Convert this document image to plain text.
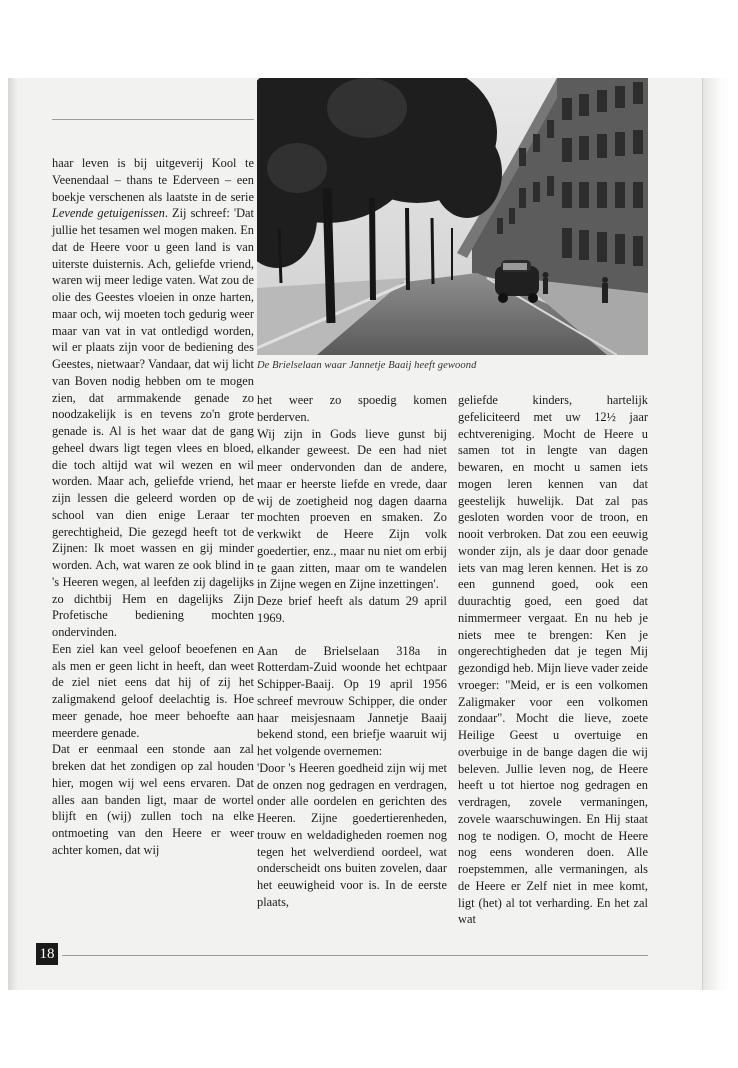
De Brielselaan waar Jannetje Baaij heeft gewoond

haar leven is bij uitgeverij Kool te Veenendaal – thans te Ederveen – een boekje verschenen als laatste in de serie Levende getuigenissen. Zij schreef: 'Dat jullie het tesamen wel mogen maken. En dat de Heere voor u geen land is van uiterste duisternis. Ach, geliefde vriend, waren wij meer ledige vaten. Wat zou de olie des Geestes vloeien in onze harten, maar och, wij moeten toch gedurig weer maar van vat in vat ontledigd worden, wil er plaats zijn voor de bediening des Geestes, nietwaar? Vandaar, dat wij licht van Boven nodig hebben om te mogen zien, dat armmakende genade zo noodzakelijk is en tevens zo'n grote genade is. Al is het waar dat de gang geheel dwars ligt tegen vlees en bloed, die toch altijd wat wil wezen en wil worden. Maar ach, geliefde vriend, het zijn lessen die geleerd worden op de school van dien enige Leraar ter gerechtigheid, Die gezegd heeft tot de Zijnen: Ik moet wassen en gij minder worden. Ach, wat waren ze ook blind in 's Heeren wegen, al leefden zij dagelijks zo dichtbij Hem en dagelijks Zijn Profetische bediening mochten ondervinden.

Een ziel kan veel geloof beoefenen en als men er geen licht in heeft, dan weet de ziel niet eens dat hij of zij het zaligmakend geloof deelachtig is. Hoe meer genade, hoe meer behoefte aan meerdere genade.

Dat er eenmaal een stonde aan zal breken dat het zondigen op zal houden hier, mogen wij wel eens ervaren. Dat alles aan banden ligt, maar de wortel blijft en (wij) zullen toch na elke ontmoeting van den Heere er weer achter komen, dat wij

het weer zo spoedig komen berderven.

Wij zijn in Gods lieve gunst bij elkander geweest. De een had niet meer ondervonden dan de andere, maar er heerste liefde en vrede, daar wij de zoetigheid nog dagen daarna mochten proeven en smaken. Zo verkwikt de Heere Zijn volk goedertier, enz., maar nu niet om erbij te gaan zitten, maar om te wandelen in Zijne wegen en Zijne inzettingen'.

Deze brief heeft als datum 29 april 1969.

Aan de Brielselaan 318a in Rotterdam-Zuid woonde het echtpaar Schipper-Baaij. Op 19 april 1956 schreef mevrouw Schipper, die onder haar meisjesnaam Jannetje Baaij bekend stond, een briefje waaruit wij het volgende overnemen:

'Door 's Heeren goedheid zijn wij met de onzen nog gedragen en verdragen, onder alle oordelen en gerichten des Heeren. Zijne goedertierenheden, trouw en weldadigheden roemen nog tegen het welverdiend oordeel, wat onderscheidt ons buiten zovelen, daar het eeuwigheid voor is. In de eerste plaats,

geliefde kinders, hartelijk gefeliciteerd met uw 12½ jaar echtvereniging. Mocht de Heere u samen tot in lengte van dagen bewaren, en mocht u samen iets mogen leren kennen van dat geestelijk huwelijk. Dat zal pas gesloten worden voor de troon, en nooit verbroken. Dat zou een eeuwig wonder zijn, als je daar door genade iets van mag leren kennen. Het is zo een gunnend goed, ook een duurachtig goed, een goed dat nimmermeer vergaat. En nu heb je niets mee te brengen: Ken je ongerechtigheden dat je tegen Mij gezondigd heb. Mijn lieve vader zeide vroeger: "Meid, er is een volkomen Zaligmaker voor een volkomen zondaar". Mocht die lieve, zoete Heilige Geest u overtuige en overbuige in de bange dagen die wij beleven. Jullie leven nog, de Heere heeft u tot hiertoe nog gedragen en verdragen, zovele vermaningen, zovele waarschuwingen. En Hij staat nog te nodigen. O, mocht de Heere nog eens wonderen doen. Alle roepstemmen, alle vermaningen, als de Heere er Zelf niet in mee komt, ligt (het) al tot verharding. En het zal wat

18
